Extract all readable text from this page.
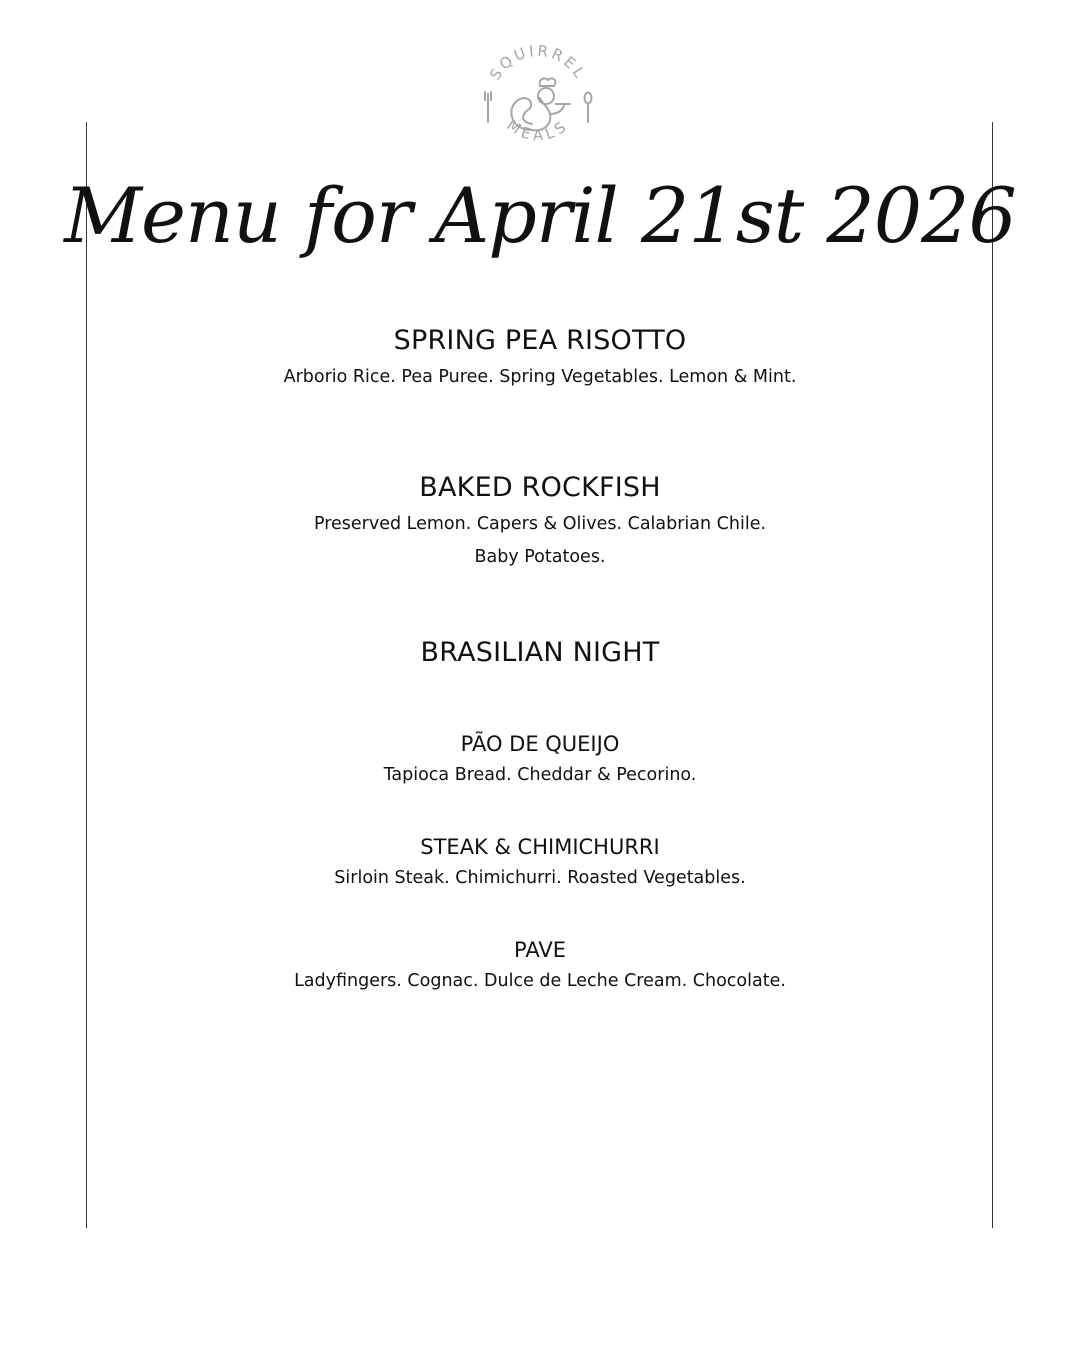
SQUIRREL
MEALS
Menu for April 21st 2026
SPRING PEA RISOTTO
Arborio Rice. Pea Puree. Spring Vegetables. Lemon & Mint.
BAKED ROCKFISH
Preserved Lemon. Capers & Olives. Calabrian Chile.
Baby Potatoes.
BRASILIAN NIGHT
PÃO DE QUEIJO
Tapioca Bread. Cheddar & Pecorino.
STEAK & CHIMICHURRI
Sirloin Steak. Chimichurri. Roasted Vegetables.
PAVE
Ladyfingers. Cognac. Dulce de Leche Cream. Chocolate.
